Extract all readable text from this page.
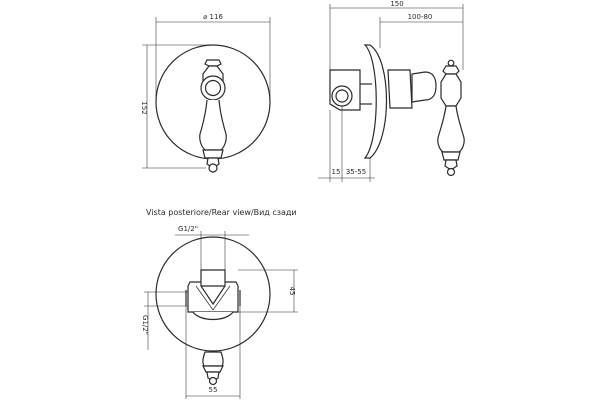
⌀ 116
152
150
100-80
15 35-55
Vista posteriore/Rear view/Вид сзади
G1/2"
45
G1/2"
55
